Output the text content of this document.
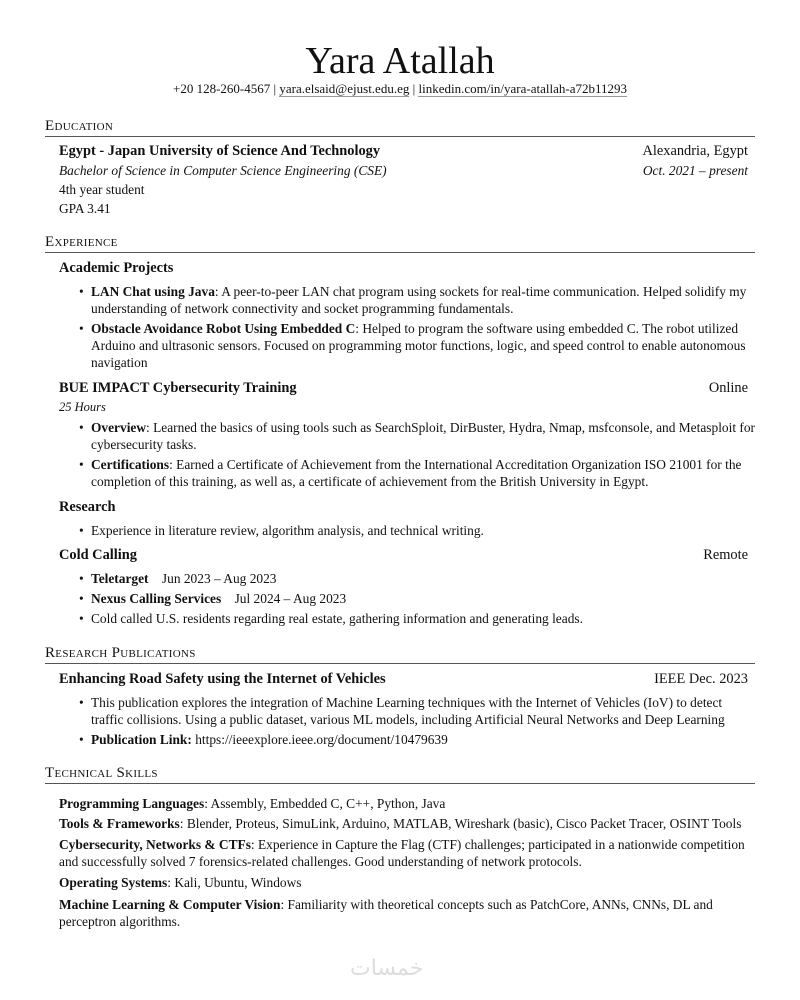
Yara Atallah
+20 128-260-4567 | yara.elsaid@ejust.edu.eg | linkedin.com/in/yara-atallah-a72b11293
Education
Egypt - Japan University of Science And Technology	Alexandria, Egypt
Bachelor of Science in Computer Science Engineering (CSE)	Oct. 2021 – present
4th year student
GPA 3.41
Experience
Academic Projects
• LAN Chat using Java: A peer-to-peer LAN chat program using sockets for real-time communication. Helped solidify my understanding of network connectivity and socket programming fundamentals.
• Obstacle Avoidance Robot Using Embedded C: Helped to program the software using embedded C. The robot utilized Arduino and ultrasonic sensors. Focused on programming motor functions, logic, and speed control to enable autonomous navigation
BUE IMPACT Cybersecurity Training	Online
25 Hours
• Overview: Learned the basics of using tools such as SearchSploit, DirBuster, Hydra, Nmap, msfconsole, and Metasploit for cybersecurity tasks.
• Certifications: Earned a Certificate of Achievement from the International Accreditation Organization ISO 21001 for the completion of this training, as well as, a certificate of achievement from the British University in Egypt.
Research
• Experience in literature review, algorithm analysis, and technical writing.
Cold Calling	Remote
• Teletarget Jun 2023 – Aug 2023
• Nexus Calling Services Jul 2024 – Aug 2023
• Cold called U.S. residents regarding real estate, gathering information and generating leads.
Research Publications
Enhancing Road Safety using the Internet of Vehicles	IEEE Dec. 2023
• This publication explores the integration of Machine Learning techniques with the Internet of Vehicles (IoV) to detect traffic collisions. Using a public dataset, various ML models, including Artificial Neural Networks and Deep Learning
• Publication Link: https://ieeexplore.ieee.org/document/10479639
Technical Skills
Programming Languages: Assembly, Embedded C, C++, Python, Java
Tools & Frameworks: Blender, Proteus, SimuLink, Arduino, MATLAB, Wireshark (basic), Cisco Packet Tracer, OSINT Tools
Cybersecurity, Networks & CTFs: Experience in Capture the Flag (CTF) challenges; participated in a nationwide competition and successfully solved 7 forensics-related challenges. Good understanding of network protocols.
Operating Systems: Kali, Ubuntu, Windows
Machine Learning & Computer Vision: Familiarity with theoretical concepts such as PatchCore, ANNs, CNNs, DL and perceptron algorithms.
خمسات
